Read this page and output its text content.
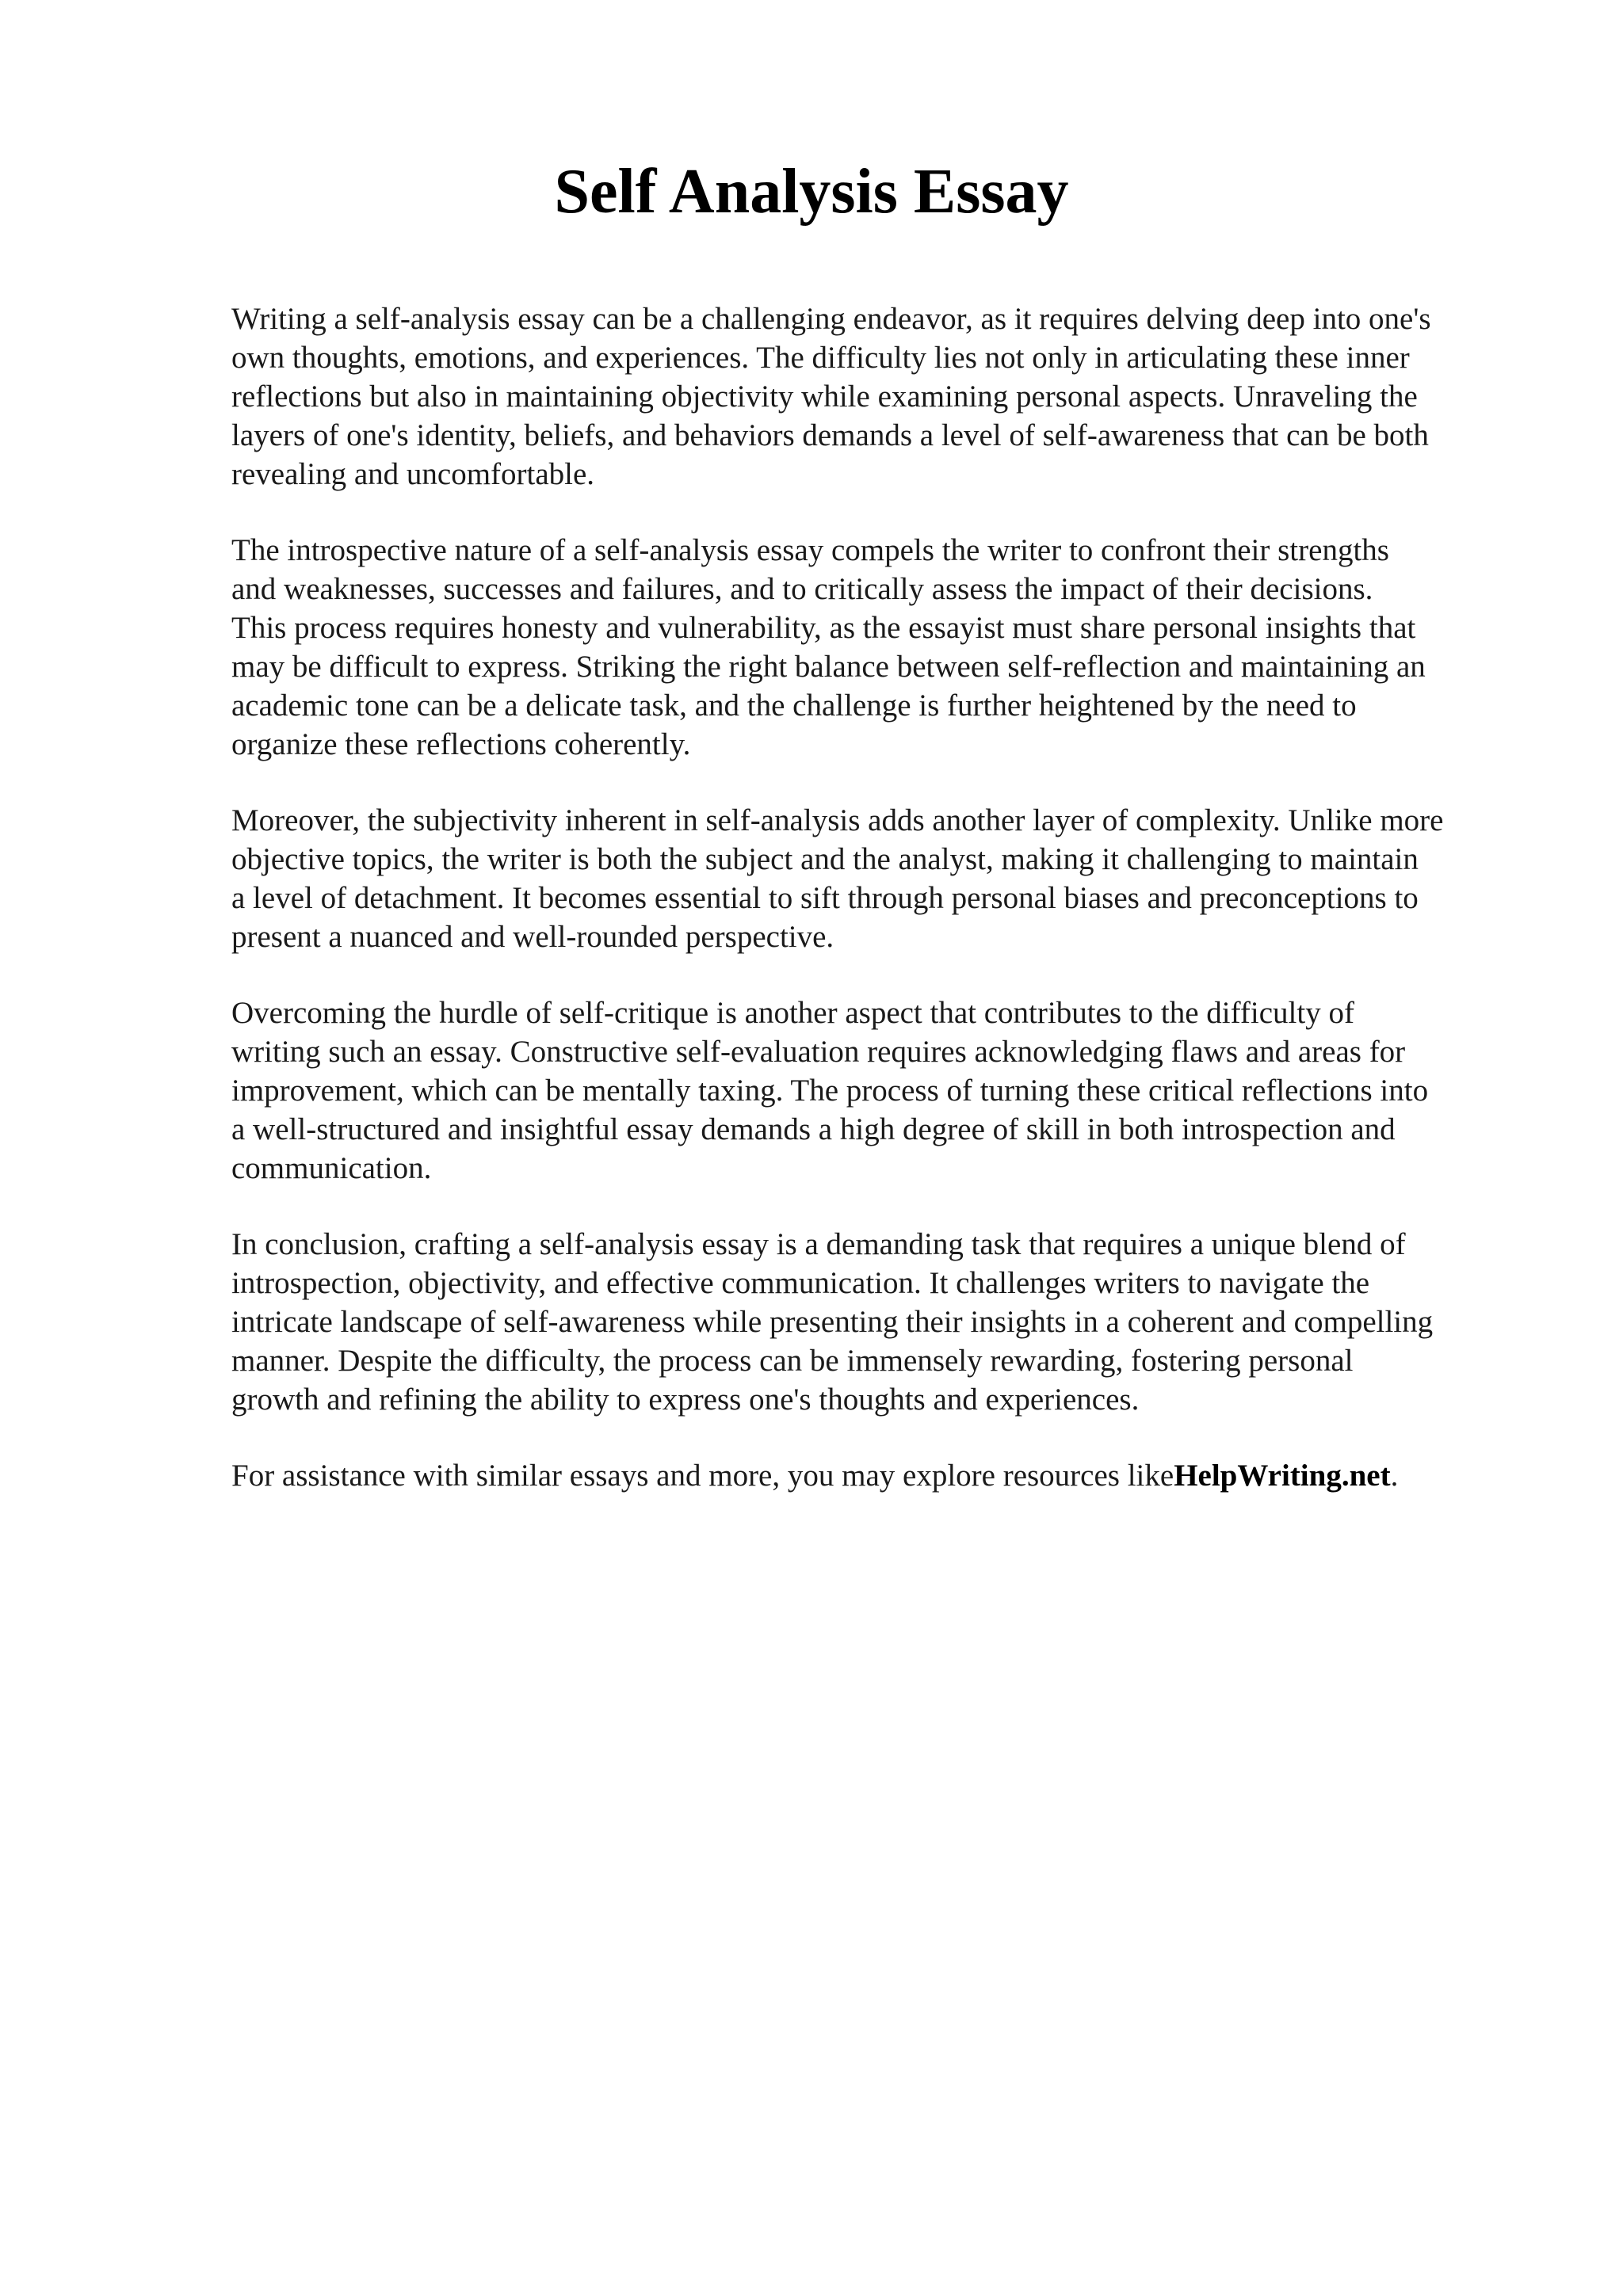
Self Analysis Essay

Writing a self-analysis essay can be a challenging endeavor, as it requires delving deep into one's
own thoughts, emotions, and experiences. The difficulty lies not only in articulating these inner
reflections but also in maintaining objectivity while examining personal aspects. Unraveling the
layers of one's identity, beliefs, and behaviors demands a level of self-awareness that can be both
revealing and uncomfortable.

The introspective nature of a self-analysis essay compels the writer to confront their strengths
and weaknesses, successes and failures, and to critically assess the impact of their decisions.
This process requires honesty and vulnerability, as the essayist must share personal insights that
may be difficult to express. Striking the right balance between self-reflection and maintaining an
academic tone can be a delicate task, and the challenge is further heightened by the need to
organize these reflections coherently.

Moreover, the subjectivity inherent in self-analysis adds another layer of complexity. Unlike more
objective topics, the writer is both the subject and the analyst, making it challenging to maintain
a level of detachment. It becomes essential to sift through personal biases and preconceptions to
present a nuanced and well-rounded perspective.

Overcoming the hurdle of self-critique is another aspect that contributes to the difficulty of
writing such an essay. Constructive self-evaluation requires acknowledging flaws and areas for
improvement, which can be mentally taxing. The process of turning these critical reflections into
a well-structured and insightful essay demands a high degree of skill in both introspection and
communication.

In conclusion, crafting a self-analysis essay is a demanding task that requires a unique blend of
introspection, objectivity, and effective communication. It challenges writers to navigate the
intricate landscape of self-awareness while presenting their insights in a coherent and compelling
manner. Despite the difficulty, the process can be immensely rewarding, fostering personal
growth and refining the ability to express one's thoughts and experiences.

For assistance with similar essays and more, you may explore resources likeHelpWriting.net.
